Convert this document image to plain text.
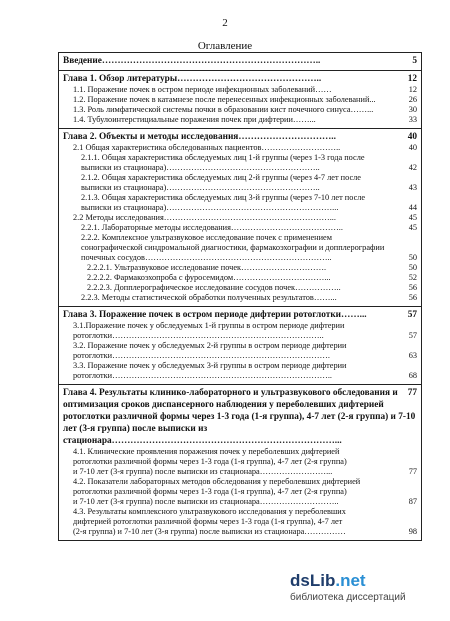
2
Оглавление
5
Введение……………………………………………………………..
12
Глава 1. Обзор литературы………………………………………..
12
1.1. Поражение почек в остром периоде инфекционных заболеваний……
26
1.2. Поражение почек в катамнезе после перенесенных инфекционных заболеваний...
30
1.3. Роль лимфатической системы почки в образовании кист почечного синуса……...
33
1.4. Тубулоинтерстициальные поражения почек при дифтерии……...
40
Глава 2. Объекты и методы исследования…………………………..
40
2.1 Общая характеристика обследованных пациентов………………………..
2.1.1. Общая характеристика обследуемых лиц 1-й группы (через 1-3 года после
42
выписки из стационара)………………………………………………..
2.1.2. Общая характеристика обследуемых лиц 2-й группы (через 4-7 лет после
43
выписки из стационара)………………………………………………..
2.1.3. Общая характеристика обследуемых лиц 3-й группы (через 7-10 лет после
44
выписки из стационара)……………………………………………………...
45
2.2 Методы исследования……………………………………………………...
45
2.2.1. Лабораторные методы исследования…………………………………..
2.2.2. Комплексное ультразвуковое исследование почек с применением
сонографической синдромальной диагностики, фармакоэхографии и допплерографии
50
почечных сосудов…………………………………………………………..
50
2.2.2.1. Ультразвуковое исследование почек………………………….
52
2.2.2.2. Фармакоэхопроба с фуросемидом……………………………...
56
2.2.2.3. Допплерографическое исследование сосудов почек……………..
56
2.2.3. Методы статистической обработки полученных результатов……...
57
Глава 3. Поражение почек в остром периоде дифтерии ротоглотки……...
3.1.Поражение почек у обследуемых 1-й группы в остром периоде дифтерии
57
ротоглотки…………………………………………………………………..
3.2. Поражение почек у обследуемых 2-й группы в остром периоде дифтерии
63
ротоглотки…………………………………………………………………….
3.3. Поражение почек у обследуемых 3-й группы в остром периоде дифтерии
68
ротоглотки……………………………………………………………………..
77
Глава 4. Результаты клинико-лабораторного и ультразвукового обследования и оптимизация сроков диспансерного наблюдения у переболевших дифтерией ротоглотки различной формы через 1-3 года (1-я группа), 4-7 лет (2-я группа) и 7-10 лет (3-я группа) после выписки из стационара………………………………………………………………...
4.1. Клинические проявления поражения почек у переболевших дифтерией
ротоглотки различной формы через 1-3 года (1-я группа), 4-7 лет (2-я группа)
77
и 7-10 лет (3-я группа) после выписки из стационара……………………...
4.2. Показатели лабораторных методов обследования у переболевших дифтерией
ротоглотки различной формы через 1-3 года (1-я группа), 4-7 лет (2-я группа)
87
и 7-10 лет (3-я группа) после выписки из стационара………………………..
4.3. Результаты комплексного ультразвукового исследования у переболевших
дифтерией ротоглотки различной формы через 1-3 года (1-я группа), 4-7 лет
98
(2-я группа) и 7-10 лет (3-я группа) после выписки из стационара……………
dsLib.net
библиотека диссертаций
